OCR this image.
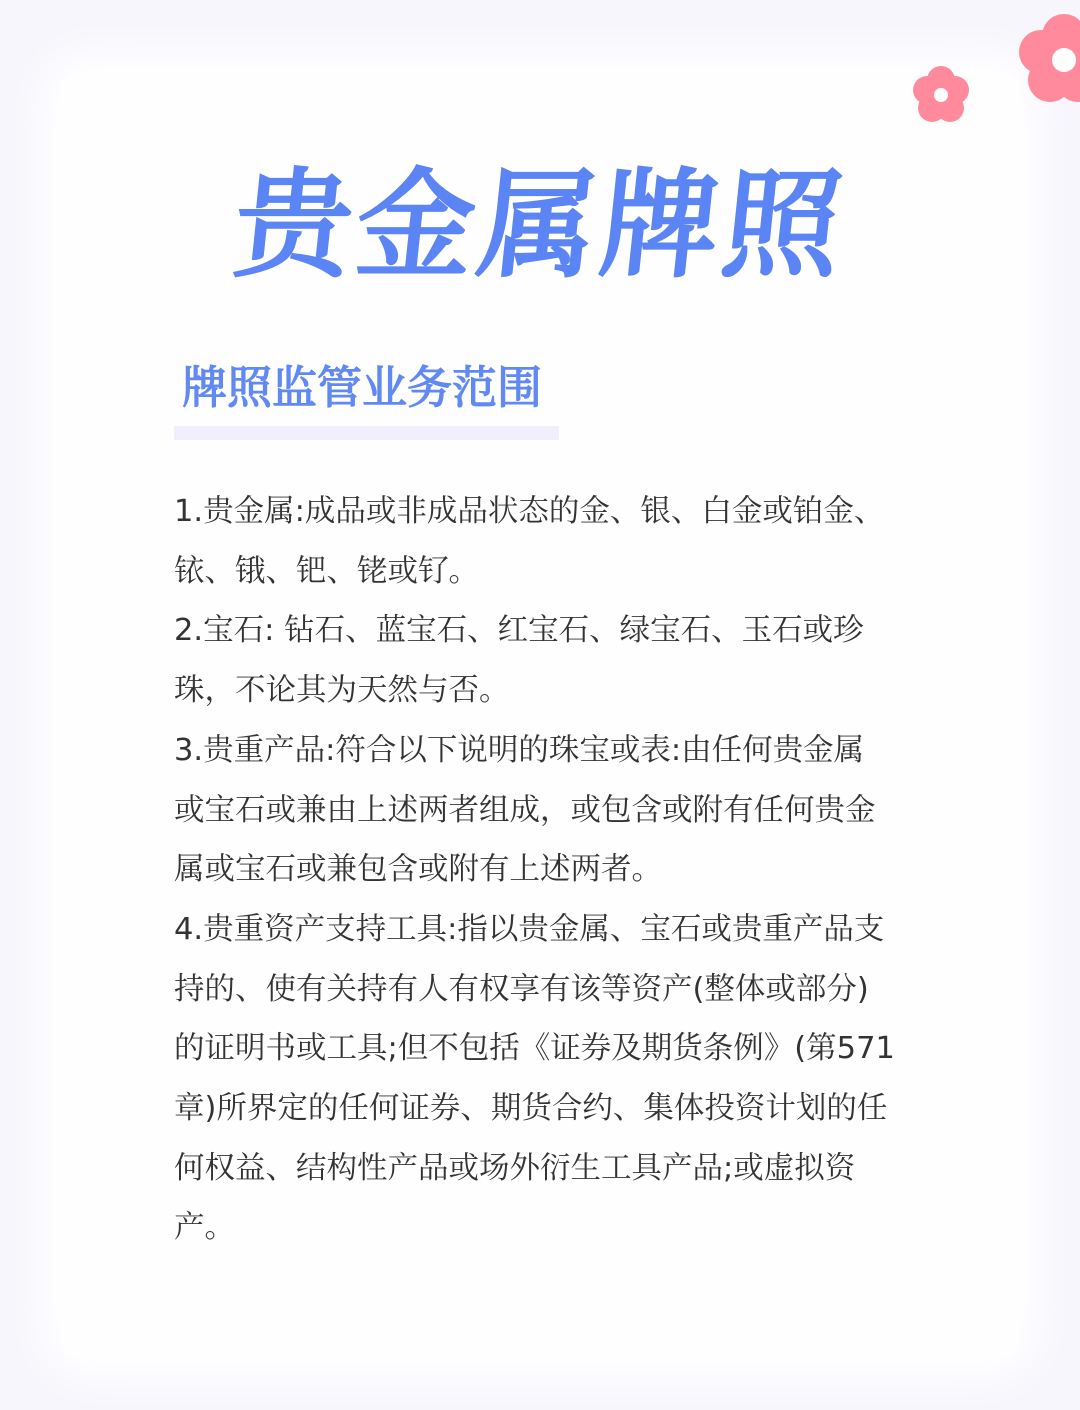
贵金属牌照
牌照监管业务范围
1.贵金属:成品或非成品状态的金、银、白金或铂金、
铱、锇、钯、铑或钌。
2.宝石: 钻石、蓝宝石、红宝石、绿宝石、玉石或珍
珠，不论其为天然与否。
3.贵重产品:符合以下说明的珠宝或表:由任何贵金属
或宝石或兼由上述两者组成，或包含或附有任何贵金
属或宝石或兼包含或附有上述两者。
4.贵重资产支持工具:指以贵金属、宝石或贵重产品支
持的、使有关持有人有权享有该等资产(整体或部分)
的证明书或工具;但不包括《证券及期货条例》(第571
章)所界定的任何证券、期货合约、集体投资计划的任
何权益、结构性产品或场外衍生工具产品;或虚拟资
产。
